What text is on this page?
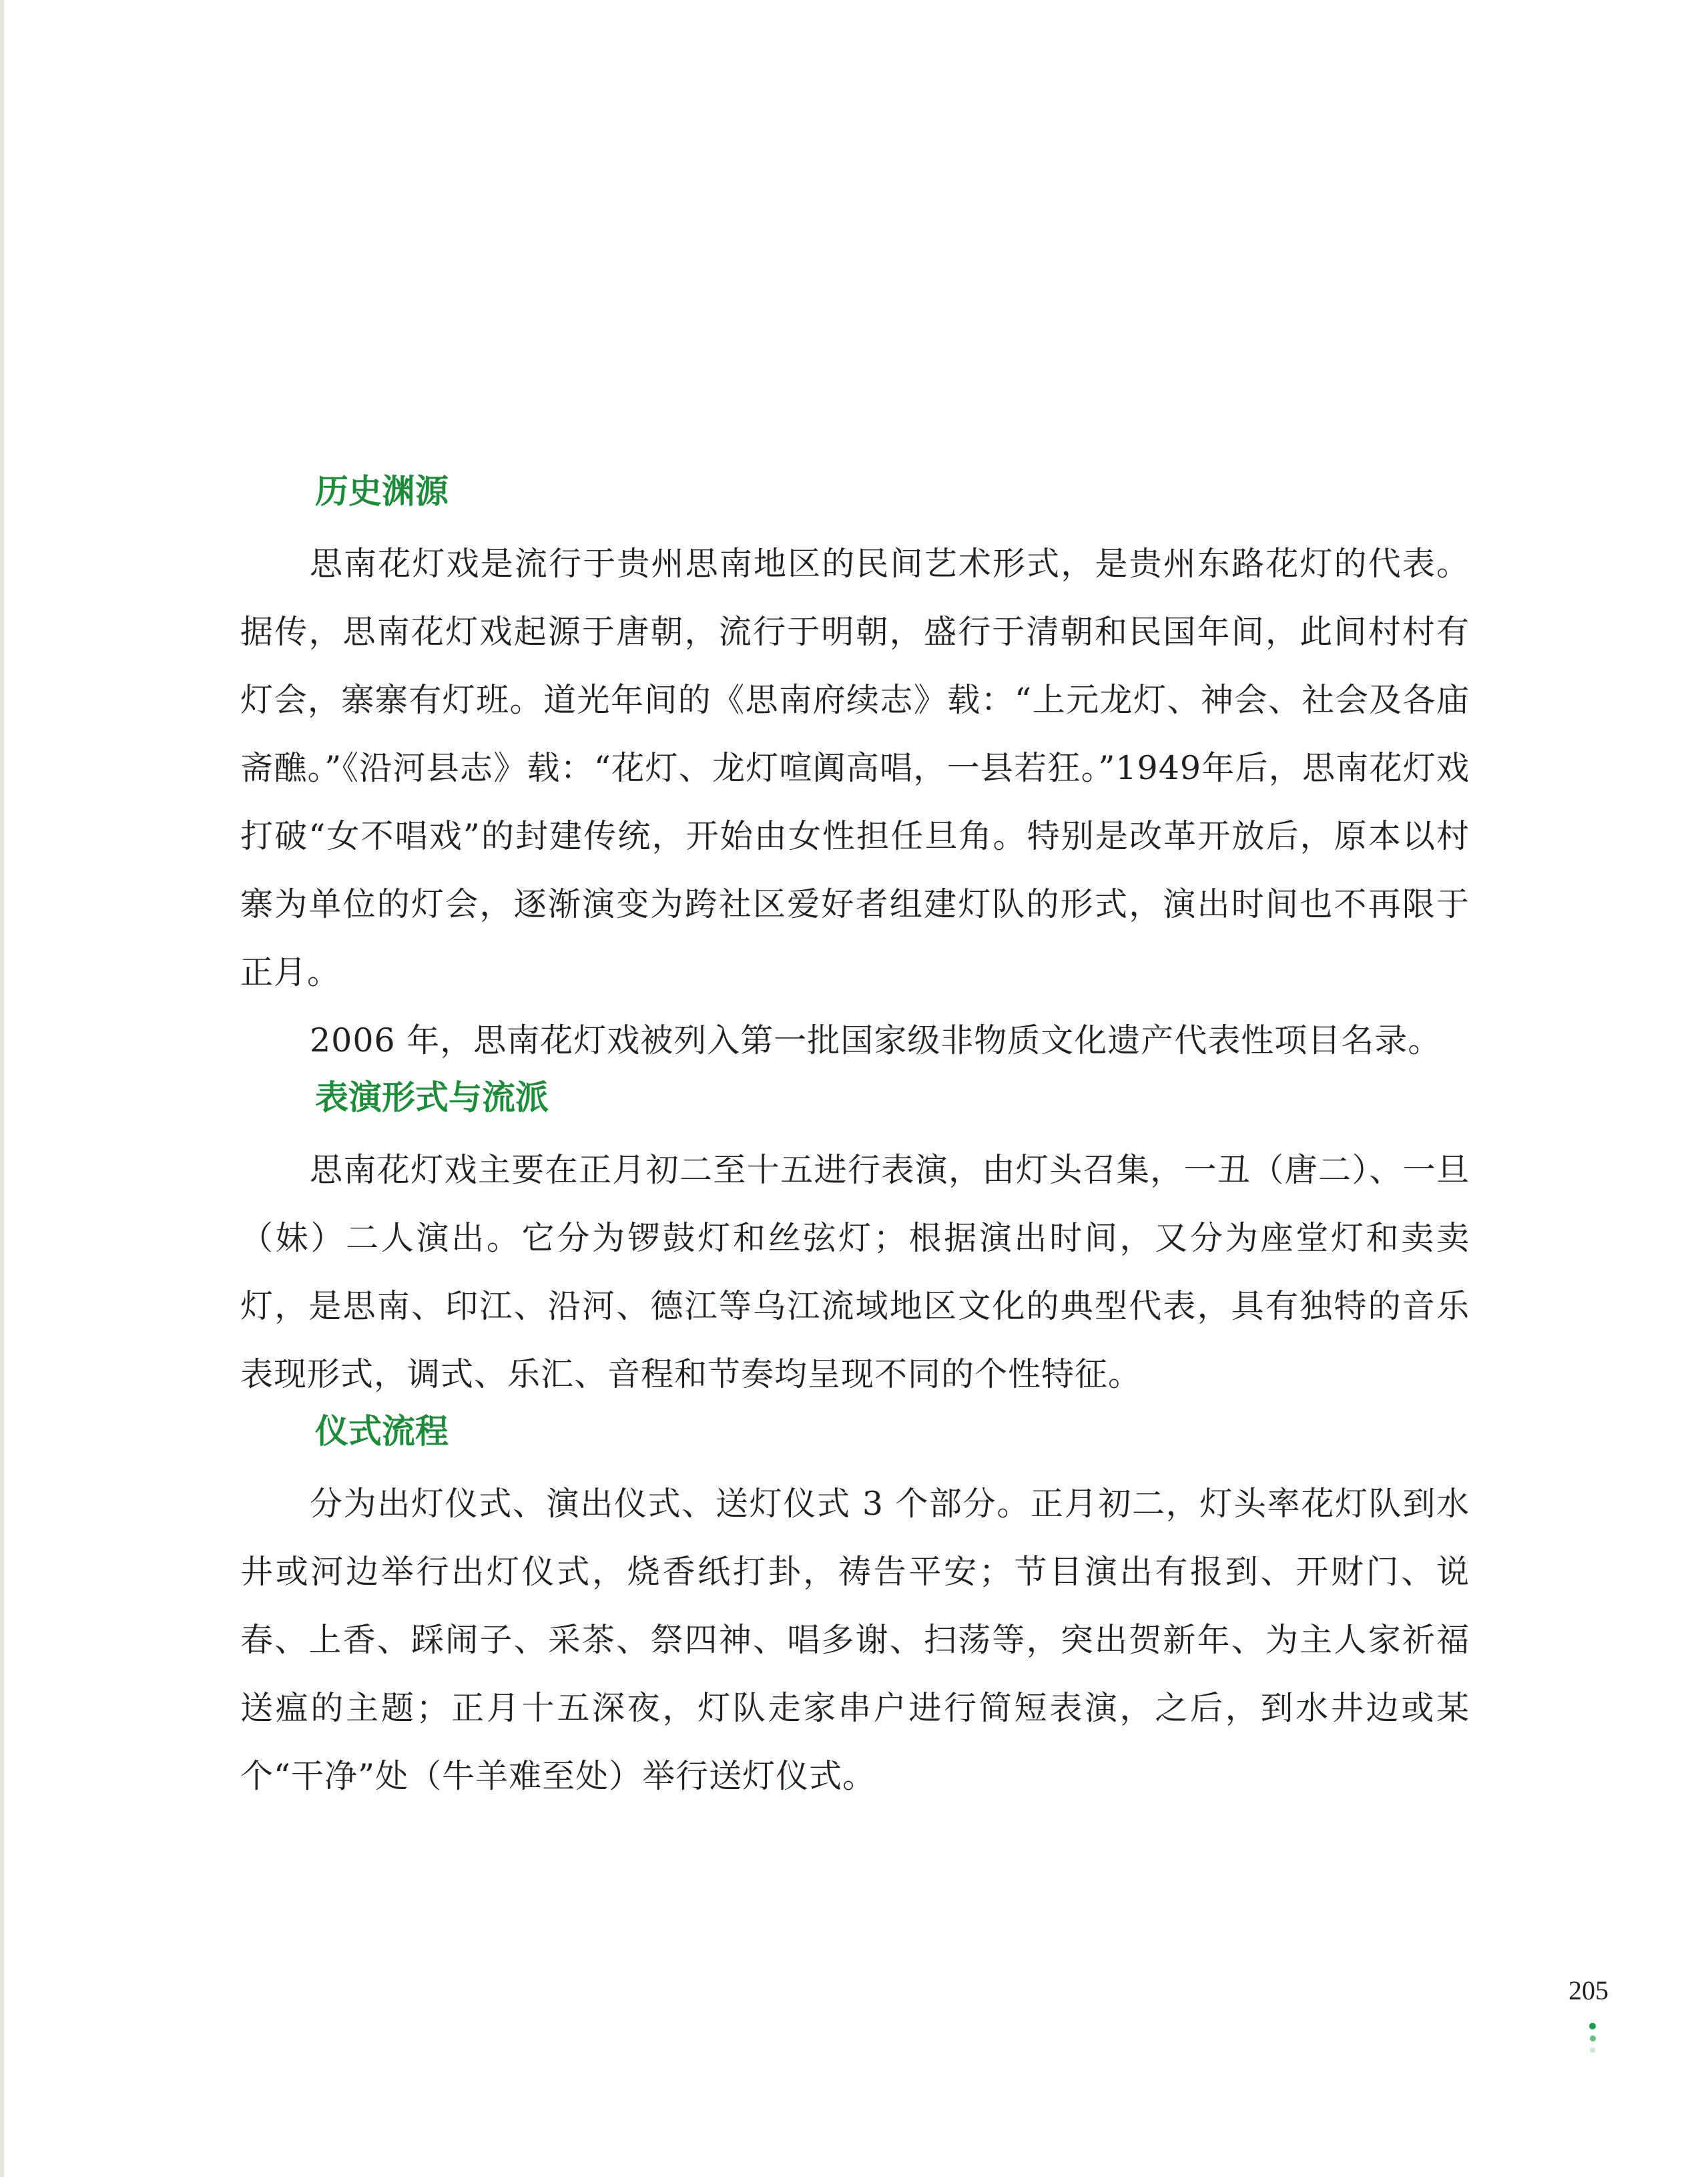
历史渊源

思南花灯戏是流行于贵州思南地区的民间艺术形式，是贵州东路花灯的代表。据传，思南花灯戏起源于唐朝，流行于明朝，盛行于清朝和民国年间，此间村村有灯会，寨寨有灯班。道光年间的《思南府续志》载：“上元龙灯、神会、社会及各庙斋醮。”《沿河县志》载：“花灯、龙灯喧阗高唱，一县若狂。”1949年后，思南花灯戏打破“女不唱戏”的封建传统，开始由女性担任旦角。特别是改革开放后，原本以村寨为单位的灯会，逐渐演变为跨社区爱好者组建灯队的形式，演出时间也不再限于正月。

2006 年，思南花灯戏被列入第一批国家级非物质文化遗产代表性项目名录。

表演形式与流派

思南花灯戏主要在正月初二至十五进行表演，由灯头召集，一丑（唐二）、一旦（妹）二人演出。它分为锣鼓灯和丝弦灯；根据演出时间，又分为座堂灯和卖卖灯，是思南、印江、沿河、德江等乌江流域地区文化的典型代表，具有独特的音乐表现形式，调式、乐汇、音程和节奏均呈现不同的个性特征。

仪式流程

分为出灯仪式、演出仪式、送灯仪式 3 个部分。正月初二，灯头率花灯队到水井或河边举行出灯仪式，烧香纸打卦，祷告平安；节目演出有报到、开财门、说春、上香、踩闹子、采茶、祭四神、唱多谢、扫荡等，突出贺新年、为主人家祈福送瘟的主题；正月十五深夜，灯队走家串户进行简短表演，之后，到水井边或某个“干净”处（牛羊难至处）举行送灯仪式。

205
